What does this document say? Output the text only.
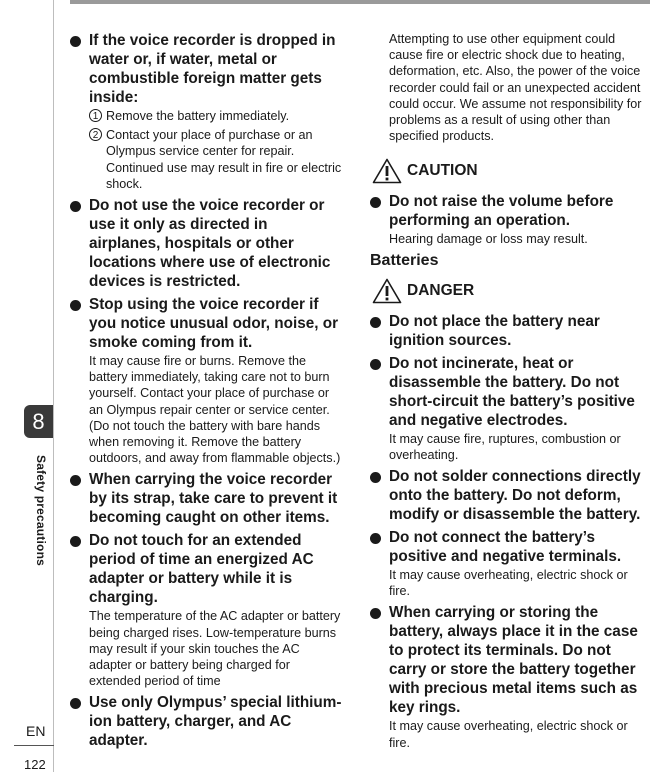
8
Safety precautions
EN
122
If the voice recorder is dropped in water or, if water, metal or combustible foreign matter gets inside:
1 Remove the battery immediately.
2 Contact your place of purchase or an Olympus service center for repair. Continued use may result in fire or electric shock.
Do not use the voice recorder or use it only as directed in airplanes, hospitals or other locations where use of electronic devices is restricted.
Stop using the voice recorder if you notice unusual odor, noise, or smoke coming from it.
It may cause fire or burns. Remove the battery immediately, taking care not to burn yourself. Contact your place of purchase or an Olympus repair center or service center. (Do not touch the battery with bare hands when removing it. Remove the battery outdoors, and away from flammable objects.)
When carrying the voice recorder by its strap, take care to prevent it becoming caught on other items.
Do not touch for an extended period of time an energized AC adapter or battery while it is charging.
The temperature of the AC adapter or battery being charged rises. Low-temperature burns may result if your skin touches the AC adapter or battery being charged for extended period of time
Use only Olympus’ special lithium-ion battery, charger, and AC adapter.
Attempting to use other equipment could cause fire or electric shock due to heating, deformation, etc. Also, the power of the voice recorder could fail or an unexpected accident could occur. We assume not responsibility for problems as a result of using other than specified products.
CAUTION
Do not raise the volume before performing an operation.
Hearing damage or loss may result.
Batteries
DANGER
Do not place the battery near ignition sources.
Do not incinerate, heat or disassemble the battery. Do not short-circuit the battery’s positive and negative electrodes.
It may cause fire, ruptures, combustion or overheating.
Do not solder connections directly onto the battery. Do not deform, modify or disassemble the battery.
Do not connect the battery’s positive and negative terminals.
It may cause overheating, electric shock or fire.
When carrying or storing the battery, always place it in the case to protect its terminals. Do not carry or store the battery together with precious metal items such as key rings.
It may cause overheating, electric shock or fire.
